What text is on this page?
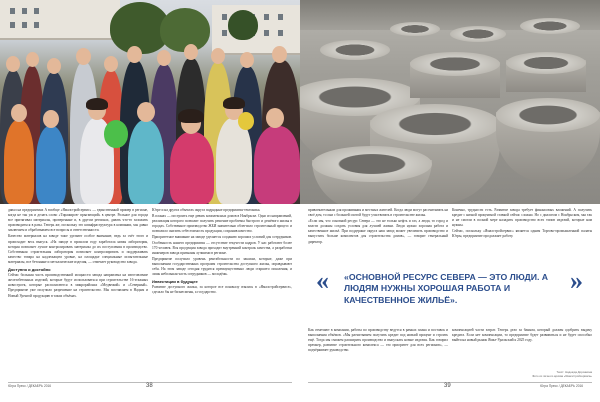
давал на предприятиях А вообще «Ямалстройсервис» — единственный пример в регионе, когда не так уж и делать слово «Тиражиров- прыгающий» в центре. Рольное для города все притягивал материалы, проверенные и, в другом регионах, давать что-то заложить производиться в разы. Теперь же, поскольку это коинфраструктура в компании, мы давно заключаем и обрабатываем все вопросы и ответственности.

Качество материалов на заводе тоже уделяют особое внимание, ведь за счёт этого и происходит весь выпуск. «На заводе в прошлом году заработала новая лаборатория, которая позволяет лучше контролировать материалы до их поступления в производство. Собственная строительная лаборатория позволяет контролировать и поддерживать качество товара на надлежащем уровне, на площадке специальные испытательные материалы, все бетонные и металлические изделия, — отмечает руководство завода.

Доступно и достойно

Сейчас большая часть производственной мощности завода направлена на изготовление железобетонных изделий, которые будут использоваться при строительстве 16-этажных новостроек, которые располагаются в микрорайонах «Медвежий» и «Северный». Предприятие уже получило разрешение на строительство. Мы поставляем в Надым и Новый Уренгой продукцию в таких объёмах.

Югре и на других объектах округа подрядные предприятия-тектоника.

В планах — построить еще девять комплексных домов в Ноябрьске. Одно из направлений, реализация которого позволит получить решение проблемы быстрого и дешёвого жилья в городах. Собственное производство ЖБИ значительно облегчило строительный процесс и позволило снизить себестоимость продукции, сохранив качество.

Приоритетное внимание на заводе уделяется созданию хороших условий для сотрудников. Особенность нашего предприятия — отсутствие текучести кадров. У нас работают более 170 человек. Вся продукция завода проходит внутренний контроль качества, а разработки инженеров завода признаны лучшими в регионе.

Предприятие получило уровень рентабельности по заказам, которые, даже при выполнении государственных программ строительства доступного жилья, оправдывают себя. На этом заводе сегодня трудятся преимущественно люди старшего поколения, и лишь небольшая часть сотрудников — молодёжь.

Инвестиции в будущее

Развитие доступного жилья, за которое все поначалу взялись в «Ямалстройсервисе», сделало бы не бизнесмены, а государство.

привлекательным для проживания и местных жителей. Когда люди могут рассчитывать на своё дом, то они с большей охотой будут участвовать в строительстве жилья.

«Если мы, что основной ресурс Севера — это не только нефть и газ, а люди, то город и власти должны создать условия для лучшей жизни. Люди нужно хорошая работа и качественное жильё. При поддержке округа наш завод может увеличить производство и выпустить больше комплектов для строительства домов», — говорит генеральный директор.

Конечно, трудности есть. Развитие завода требует финансовых вложений. А получить кредит с низкой процентной ставкой сейчас сложно. Но с диалогом с Ноябрьском, мы так и не смогли в полной мере наладить производство всех типов изделий, которые нам нужны.

Сейчас, поскольку «Ямалстройсервис» является одним Торгово-промышленной палаты Югры, предприятие продолжает работу.

« «ОСНОВНОЙ РЕСУРС СЕВЕРА — ЭТО ЛЮДИ. А ЛЮДЯМ НУЖНЫ ХОРОШАЯ РАБОТА И КАЧЕСТВЕННОЕ ЖИЛЬЁ».
»

Как отмечают в компании, работы по производству ведутся в рамках плана и поставок и выполнения объёмов. «Мы расчитываем получить кредит под низкий процент и строить ещё. Тогда мы сможем расширить производство и выпускать новые изделия. Как говорил премьер, развитие строительного комплекса — это приоритет для всех регионов», — подчёркивает руководство.

компенсацией части затрат. Теперь дело за банком, который должен одобрить выдачу кредита. Если нет компенсации, то предприятие будет развиваться и не будет способно выйти на новый рынок Ямал-Уральский к 2025 году.

Текст: Надежда Дорожкина
Фото из личного архива «Ямалстройсервиса»
Югра Пресс / ДЕКАБРЬ 2016	38	39	Югра Пресс / ДЕКАБРЬ 2016
